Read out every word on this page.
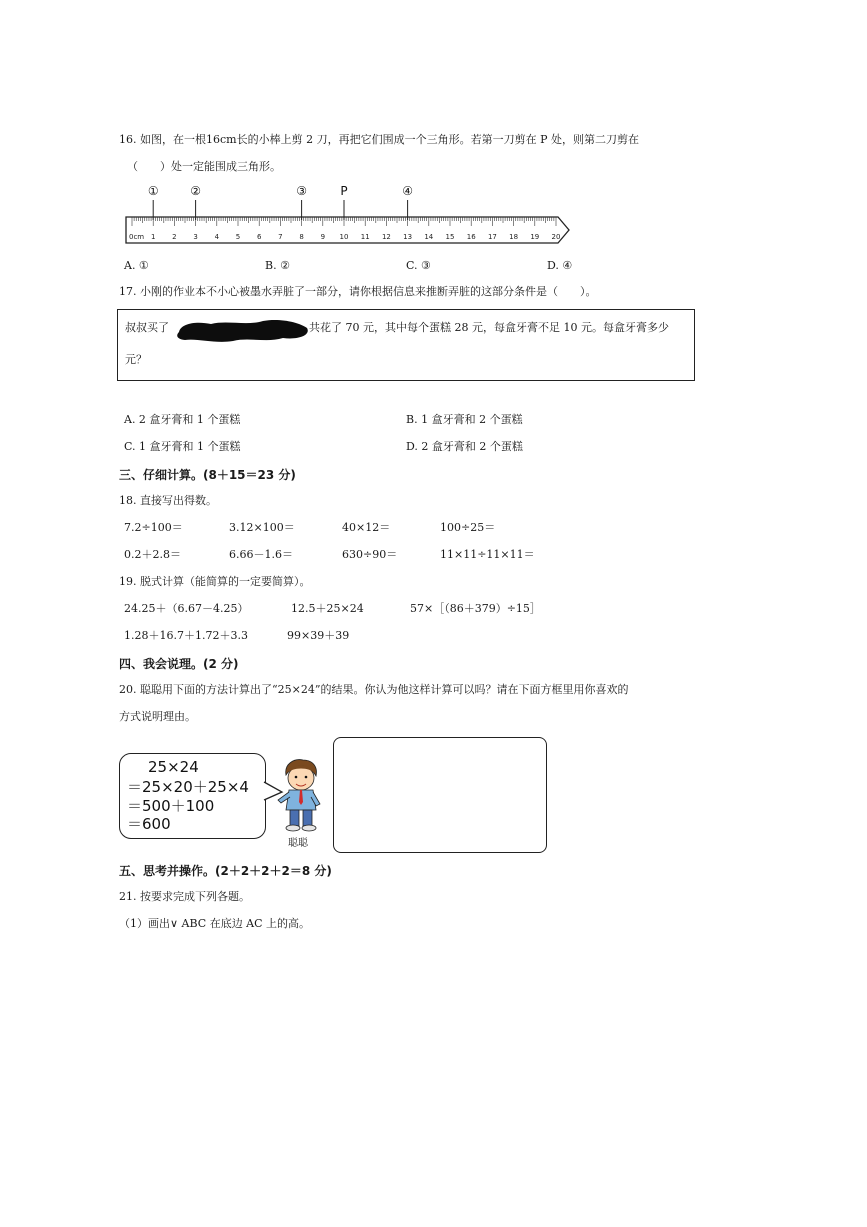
16. 如图，在一根16cm长的小棒上剪 2 刀，再把它们围成一个三角形。若第一刀剪在 P 处，则第二刀剪在
（　　）处一定能围成三角形。
0cm 1 2 3 4 5 6 7 8 9 10 11 12 13 14 15 16 17 18 19 20
①	②	③	P	④
A. ①	B. ②	C. ③	D. ④
17. 小刚的作业本不小心被墨水弄脏了一部分，请你根据信息来推断弄脏的这部分条件是（　　）。
叔叔买了	共花了 70 元，其中每个蛋糕 28 元，每盒牙膏不足 10 元。每盒牙膏多少
元？
A. 2 盒牙膏和 1 个蛋糕	B. 1 盒牙膏和 2 个蛋糕
C. 1 盒牙膏和 1 个蛋糕	D. 2 盒牙膏和 2 个蛋糕
三、仔细计算。(8＋15＝23 分)
18. 直接写出得数。
7.2÷100＝	3.12×100＝	40×12＝	100÷25＝
0.2＋2.8＝	6.66－1.6＝	630÷90＝	11×11÷11×11＝
19. 脱式计算（能简算的一定要简算）。
24.25＋（6.67－4.25）	12.5＋25×24	57×［（86＋379）÷15］
1.28＋16.7＋1.72＋3.3	99×39＋39
四、我会说理。(2 分)
20. 聪聪用下面的方法计算出了“25×24”的结果。你认为他这样计算可以吗？请在下面方框里用你喜欢的
方式说明理由。
25×24
＝25×20＋25×4
＝500＋100
＝600
聪聪
五、思考并操作。(2＋2＋2＋2＝8 分)
21. 按要求完成下列各题。
（1）画出∨ ABC 在底边 AC 上的高。
